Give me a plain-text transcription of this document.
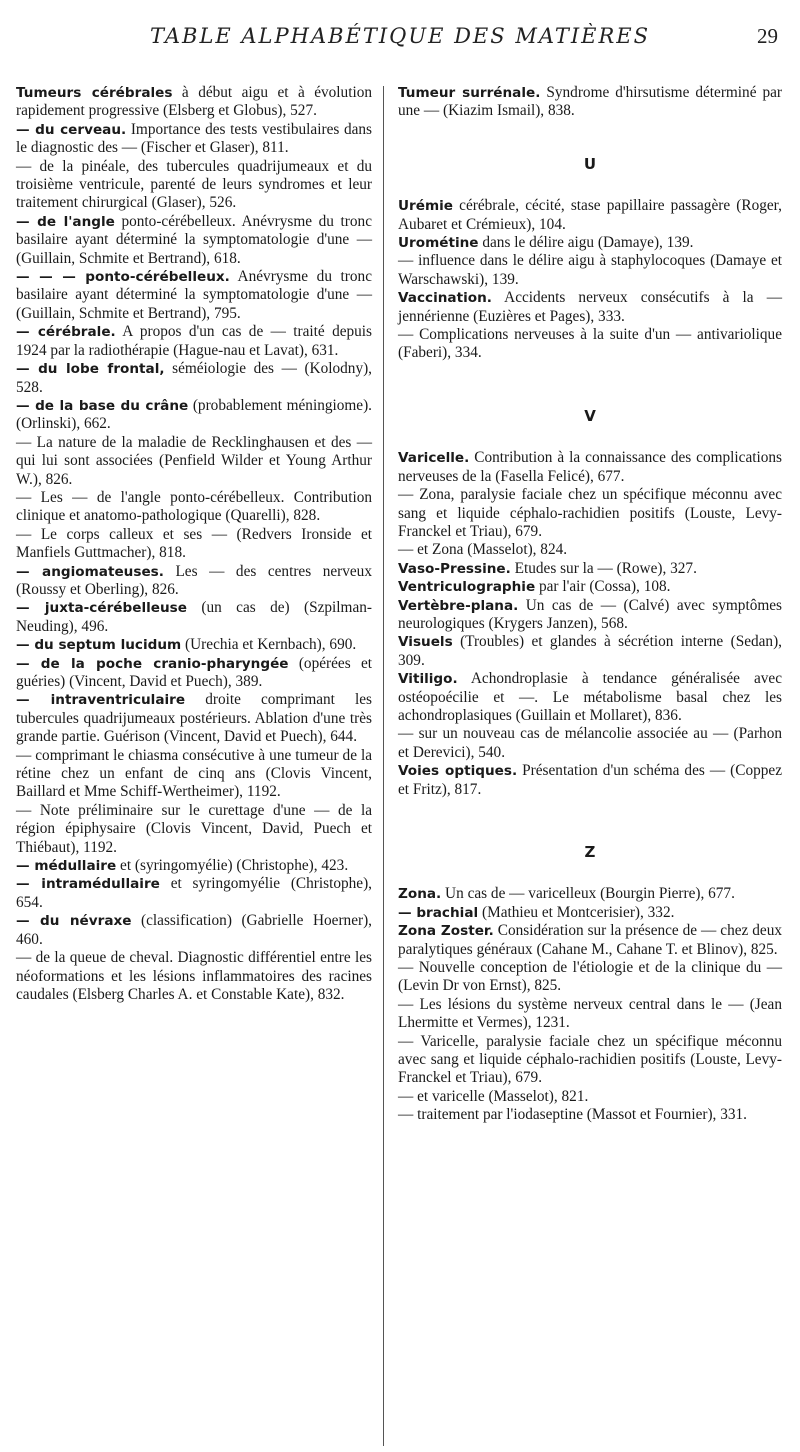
TABLE ALPHABÉTIQUE DES MATIÈRES	29

Tumeurs cérébrales à début aigu et à évolution rapidement progressive (Elsberg et Globus), 527.

— du cerveau. Importance des tests vestibulaires dans le diagnostic des — (Fischer et Glaser), 811.

— de la pinéale, des tubercules quadrijumeaux et du troisième ventricule, parenté de leurs syndromes et leur traitement chirurgical (Glaser), 526.

— de l'angle ponto-cérébelleux. Anévrysme du tronc basilaire ayant déterminé la symptomatologie d'une — (Guillain, Schmite et Bertrand), 618.

— — — ponto-cérébelleux. Anévrysme du tronc basilaire ayant déterminé la symptomatologie d'une — (Guillain, Schmite et Bertrand), 795.

— cérébrale. A propos d'un cas de — traité depuis 1924 par la radiothérapie (Hague-nau et Lavat), 631.

— du lobe frontal, séméiologie des — (Kolodny), 528.

— de la base du crâne (probablement méningiome). (Orlinski), 662.

— La nature de la maladie de Recklinghausen et des — qui lui sont associées (Penfield Wilder et Young Arthur W.), 826.

— Les — de l'angle ponto-cérébelleux. Contribution clinique et anatomo-pathologique (Quarelli), 828.

— Le corps calleux et ses — (Redvers Ironside et Manfiels Guttmacher), 818.

— angiomateuses. Les — des centres nerveux (Roussy et Oberling), 826.

— juxta-cérébelleuse (un cas de) (Szpilman-Neuding), 496.

— du septum lucidum (Urechia et Kernbach), 690.

— de la poche cranio-pharyngée (opérées et guéries) (Vincent, David et Puech), 389.

— intraventriculaire droite comprimant les tubercules quadrijumeaux postérieurs. Ablation d'une très grande partie. Guérison (Vincent, David et Puech), 644.

— comprimant le chiasma consécutive à une tumeur de la rétine chez un enfant de cinq ans (Clovis Vincent, Baillard et Mme Schiff-Wertheimer), 1192.

— Note préliminaire sur le curettage d'une — de la région épiphysaire (Clovis Vincent, David, Puech et Thiébaut), 1192.

— médullaire et (syringomyélie) (Christophe), 423.

— intramédullaire et syringomyélie (Christophe), 654.

— du névraxe (classification) (Gabrielle Hoerner), 460.

— de la queue de cheval. Diagnostic différentiel entre les néoformations et les lésions inflammatoires des racines caudales (Elsberg Charles A. et Constable Kate), 832.

Tumeur surrénale. Syndrome d'hirsutisme déterminé par une — (Kiazim Ismail), 838.

U

Urémie cérébrale, cécité, stase papillaire passagère (Roger, Aubaret et Crémieux), 104.

Urométine dans le délire aigu (Damaye), 139.

— influence dans le délire aigu à staphylocoques (Damaye et Warschawski), 139.

Vaccination. Accidents nerveux consécutifs à la — jennérienne (Euzières et Pages), 333.

— Complications nerveuses à la suite d'un — antivariolique (Faberi), 334.

V

Varicelle. Contribution à la connaissance des complications nerveuses de la (Fasella Felicé), 677.

— Zona, paralysie faciale chez un spécifique méconnu avec sang et liquide céphalo-rachidien positifs (Louste, Levy-Franckel et Triau), 679.

— et Zona (Masselot), 824.

Vaso-Pressine. Etudes sur la — (Rowe), 327.

Ventriculographie par l'air (Cossa), 108.

Vertèbre-plana. Un cas de — (Calvé) avec symptômes neurologiques (Krygers Janzen), 568.

Visuels (Troubles) et glandes à sécrétion interne (Sedan), 309.

Vitiligo. Achondroplasie à tendance généralisée avec ostéopoécilie et —. Le métabolisme basal chez les achondroplasiques (Guillain et Mollaret), 836.

— sur un nouveau cas de mélancolie associée au — (Parhon et Derevici), 540.

Voies optiques. Présentation d'un schéma des — (Coppez et Fritz), 817.

Z

Zona. Un cas de — varicelleux (Bourgin Pierre), 677.

— brachial (Mathieu et Montcerisier), 332.

Zona Zoster. Considération sur la présence de — chez deux paralytiques généraux (Cahane M., Cahane T. et Blinov), 825.

— Nouvelle conception de l'étiologie et de la clinique du — (Levin Dr von Ernst), 825.

— Les lésions du système nerveux central dans le — (Jean Lhermitte et Vermes), 1231.

— Varicelle, paralysie faciale chez un spécifique méconnu avec sang et liquide céphalo-rachidien positifs (Louste, Levy-Franckel et Triau), 679.

— et varicelle (Masselot), 821.

— traitement par l'iodaseptine (Massot et Fournier), 331.
